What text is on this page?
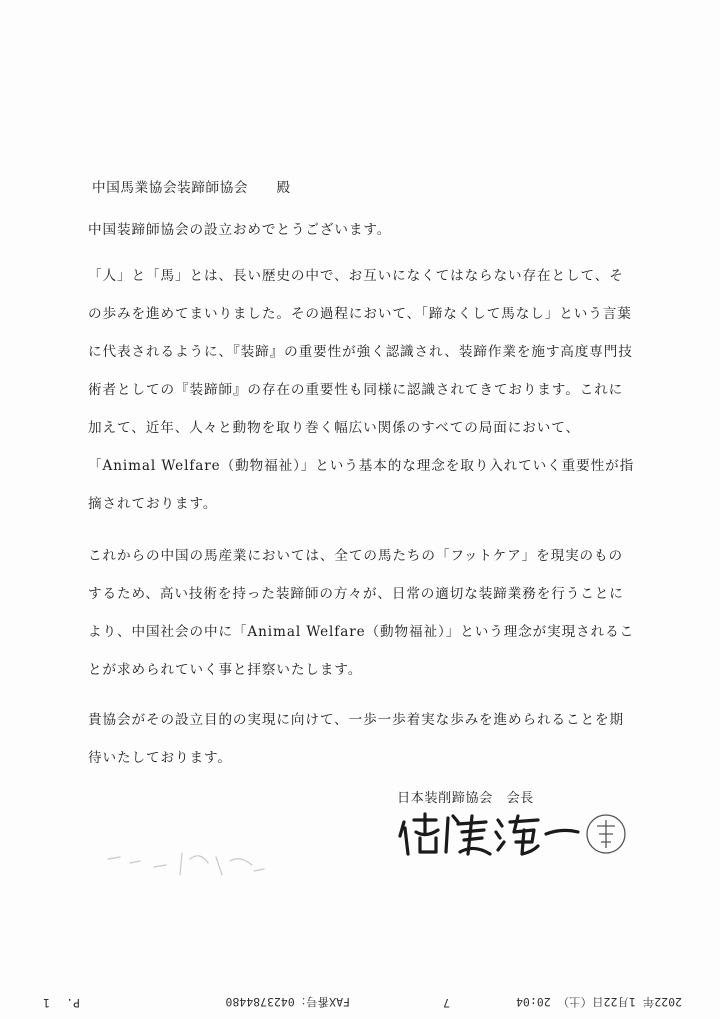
中国馬業協会装蹄師協会　　殿

中国装蹄師協会の設立おめでとうございます。

「人」と「馬」とは、長い歴史の中で、お互いになくてはならない存在として、その歩みを進めてまいりました。その過程において、「蹄なくして馬なし」という言葉に代表されるように、『装蹄』の重要性が強く認識され、装蹄作業を施す高度専門技術者としての『装蹄師』の存在の重要性も同様に認識されてきております。これに加えて、近年、人々と動物を取り巻く幅広い関係のすべての局面において、「Animal Welfare（動物福祉）」という基本的な理念を取り入れていく重要性が指摘されております。

これからの中国の馬産業においては、全ての馬たちの「フットケア」を現実のものするため、高い技術を持った装蹄師の方々が、日常の適切な装蹄業務を行うことにより、中国社会の中に「Animal Welfare（動物福祉）」という理念が実現されることが求められていく事と拝察いたします。

貴協会がその設立目的の実現に向けて、一歩一歩着実な歩みを進められることを期待いたしております。

日本装削蹄協会　会長

2022年 1月22日（土） 20:04

7

FAX番号：0423784480

P.

1
